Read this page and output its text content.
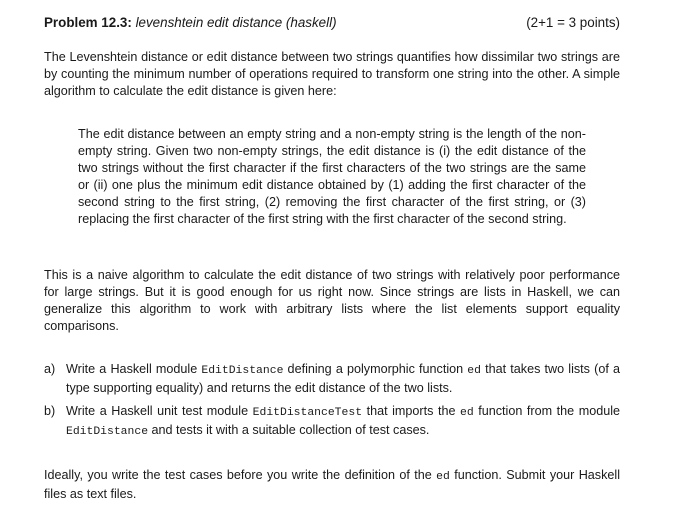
Problem 12.3: levenshtein edit distance (haskell)	(2+1 = 3 points)

The Levenshtein distance or edit distance between two strings quantifies how dissimilar two strings are by counting the minimum number of operations required to transform one string into the other. A simple algorithm to calculate the edit distance is given here:

The edit distance between an empty string and a non-empty string is the length of the non-empty string. Given two non-empty strings, the edit distance is (i) the edit distance of the two strings without the first character if the first characters of the two strings are the same or (ii) one plus the minimum edit distance obtained by (1) adding the first character of the second string to the first string, (2) removing the first character of the first string, or (3) replacing the first character of the first string with the first character of the second string.

This is a naive algorithm to calculate the edit distance of two strings with relatively poor performance for large strings. But it is good enough for us right now. Since strings are lists in Haskell, we can generalize this algorithm to work with arbitrary lists where the list elements support equality comparisons.

a) Write a Haskell module EditDistance defining a polymorphic function ed that takes two lists (of a type supporting equality) and returns the edit distance of the two lists.
b) Write a Haskell unit test module EditDistanceTest that imports the ed function from the module EditDistance and tests it with a suitable collection of test cases.

Ideally, you write the test cases before you write the definition of the ed function. Submit your Haskell files as text files.
